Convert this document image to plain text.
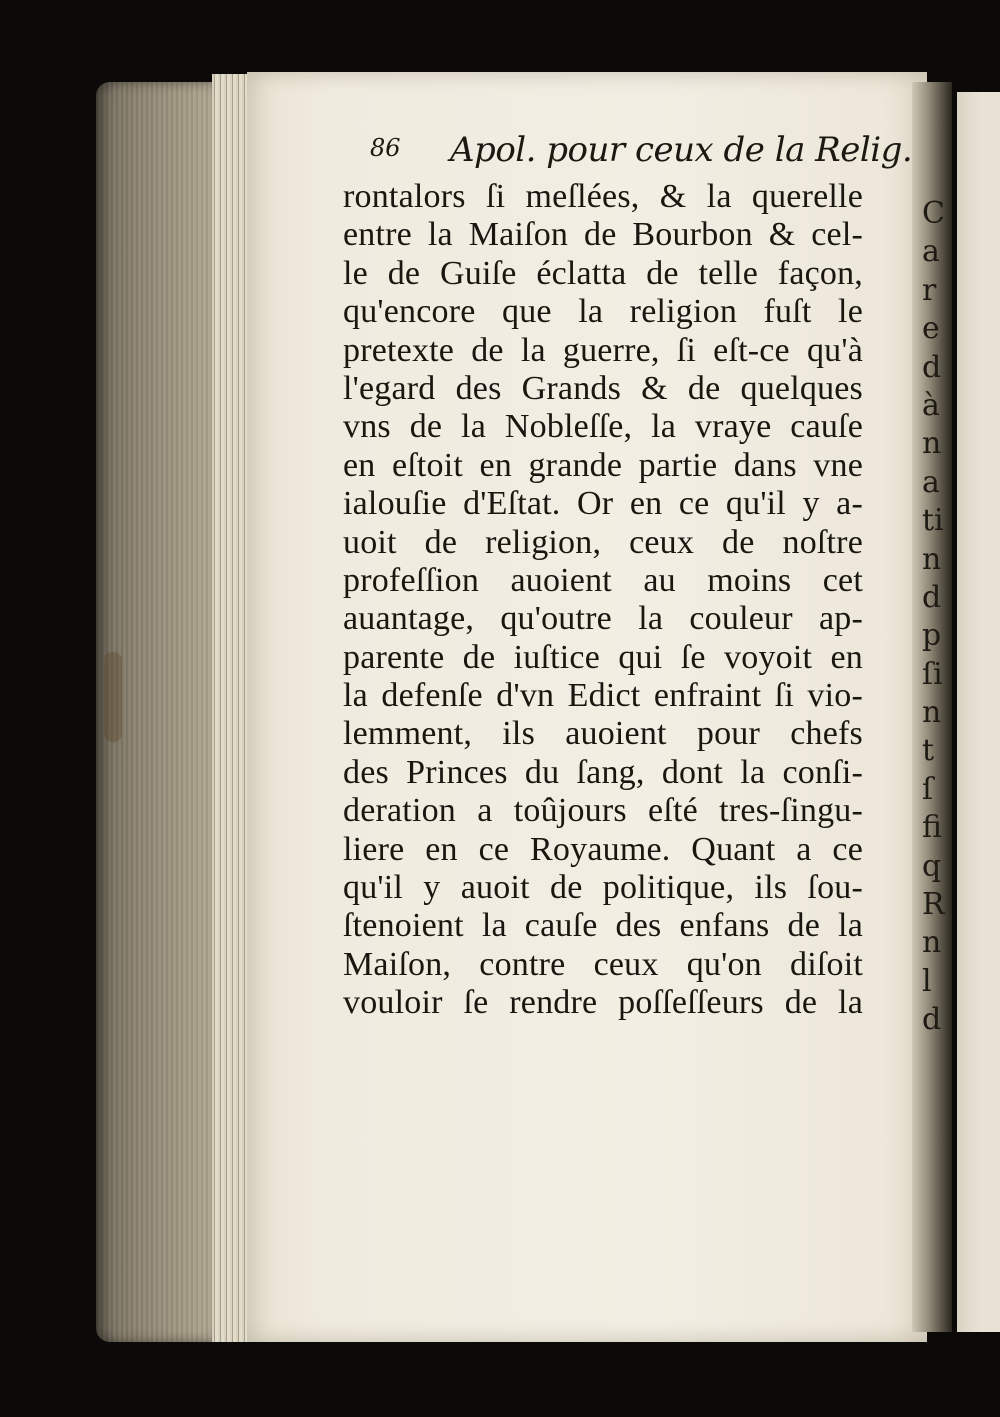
86 Apol. pour ceux de la Relig.
rontalors ſi meſlées, & la querelle
entre la Maiſon de Bourbon & cel-
le de Guiſe éclatta de telle façon,
qu'encore que la religion fuſt le
pretexte de la guerre, ſi eſt-ce qu'à
l'egard des Grands & de quelques
vns de la Nobleſſe, la vraye cauſe
en eſtoit en grande partie dans vne
ialouſie d'Eſtat. Or en ce qu'il y a-
uoit de religion, ceux de noſtre
profeſſion auoient au moins cet
auantage, qu'outre la couleur ap-
parente de iuſtice qui ſe voyoit en
la defenſe d'vn Edict enfraint ſi vio-
lemment, ils auoient pour chefs
des Princes du ſang, dont la conſi-
deration a toûjours eſté tres-ſingu-
liere en ce Royaume. Quant a ce
qu'il y auoit de politique, ils ſou-
ſtenoient la cauſe des enfans de la
Maiſon, contre ceux qu'on diſoit
vouloir ſe rendre poſſeſſeurs de la
C
a
r
e
d
à
n
a
ti
n
d
p
ſi
n
t
ſ
fi
q
R
n
l
d
